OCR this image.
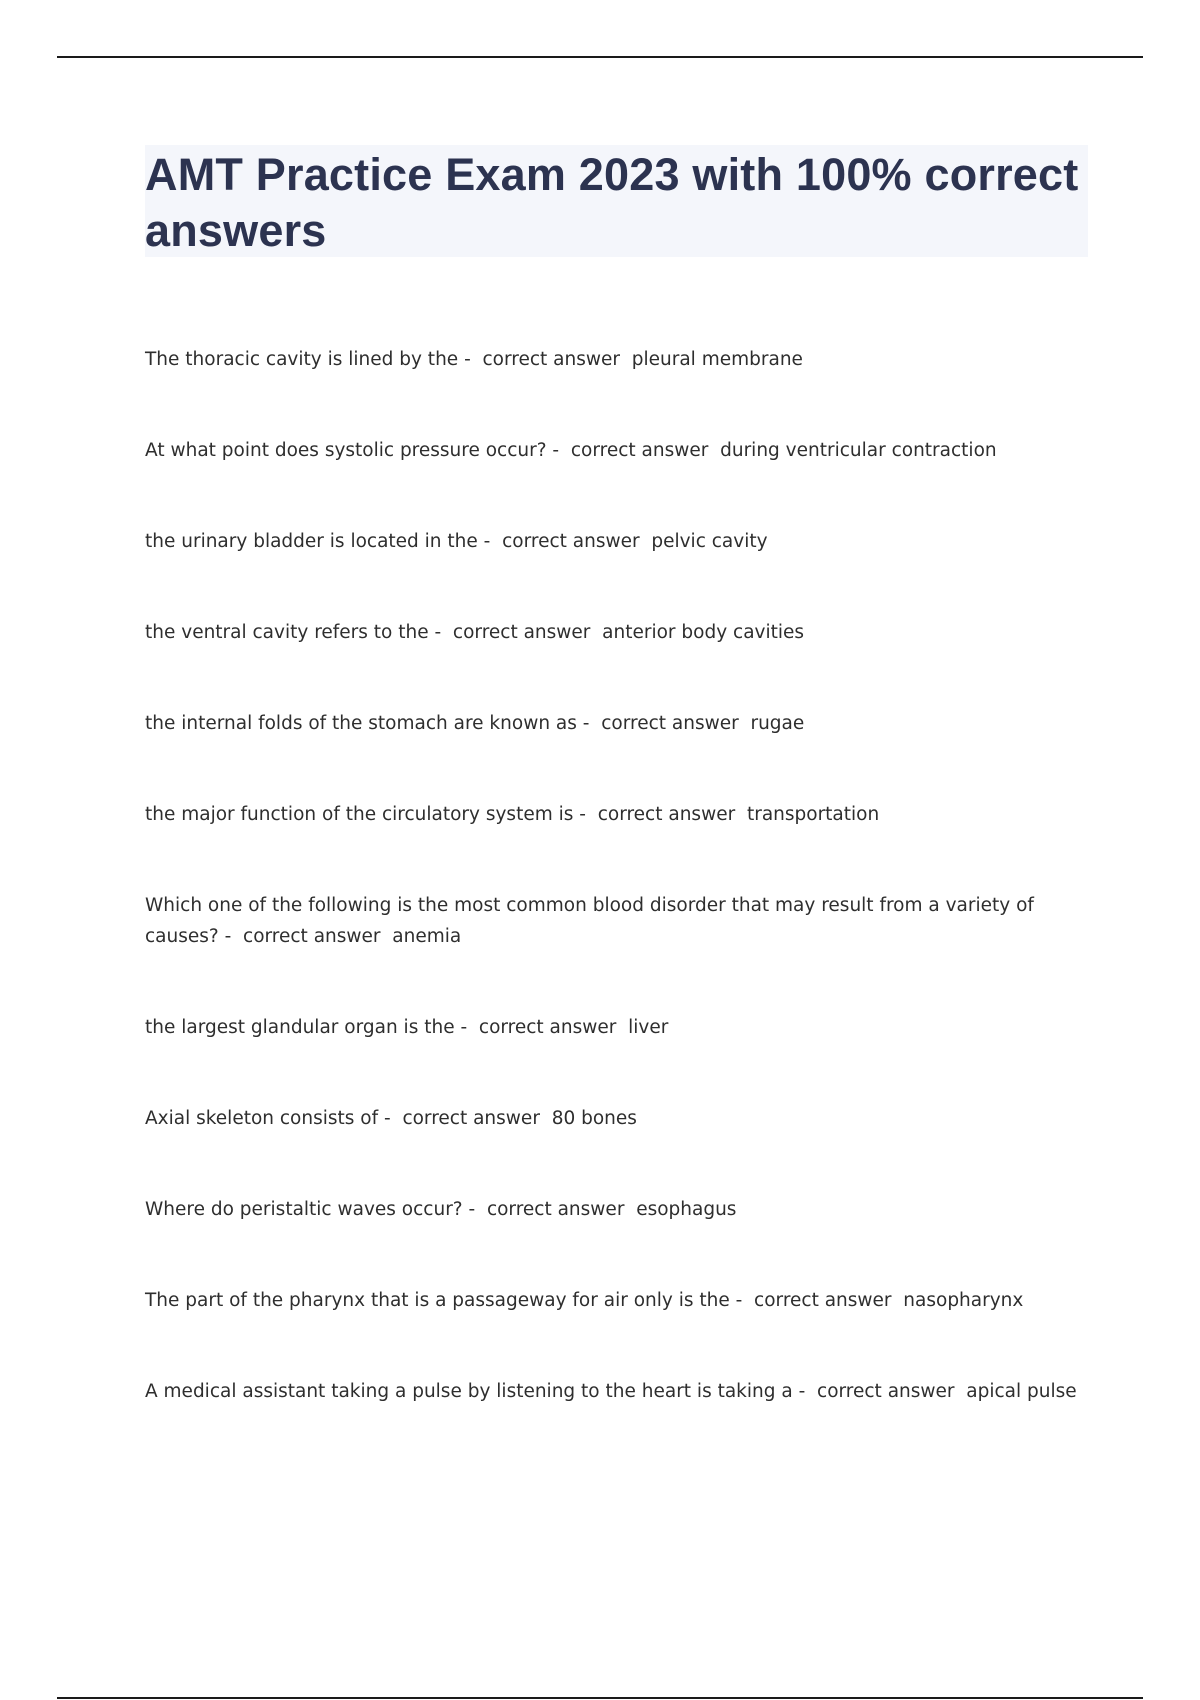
AMT Practice Exam 2023 with 100% correct answers
The thoracic cavity is lined by the -  correct answer  pleural membrane
At what point does systolic pressure occur? -  correct answer  during ventricular contraction
the urinary bladder is located in the -  correct answer  pelvic cavity
the ventral cavity refers to the -  correct answer  anterior body cavities
the internal folds of the stomach are known as -  correct answer  rugae
the major function of the circulatory system is -  correct answer  transportation
Which one of the following is the most common blood disorder that may result from a variety of causes? -  correct answer  anemia
the largest glandular organ is the -  correct answer  liver
Axial skeleton consists of -  correct answer  80 bones
Where do peristaltic waves occur? -  correct answer  esophagus
The part of the pharynx that is a passageway for air only is the -  correct answer  nasopharynx
A medical assistant taking a pulse by listening to the heart is taking a -  correct answer  apical pulse
